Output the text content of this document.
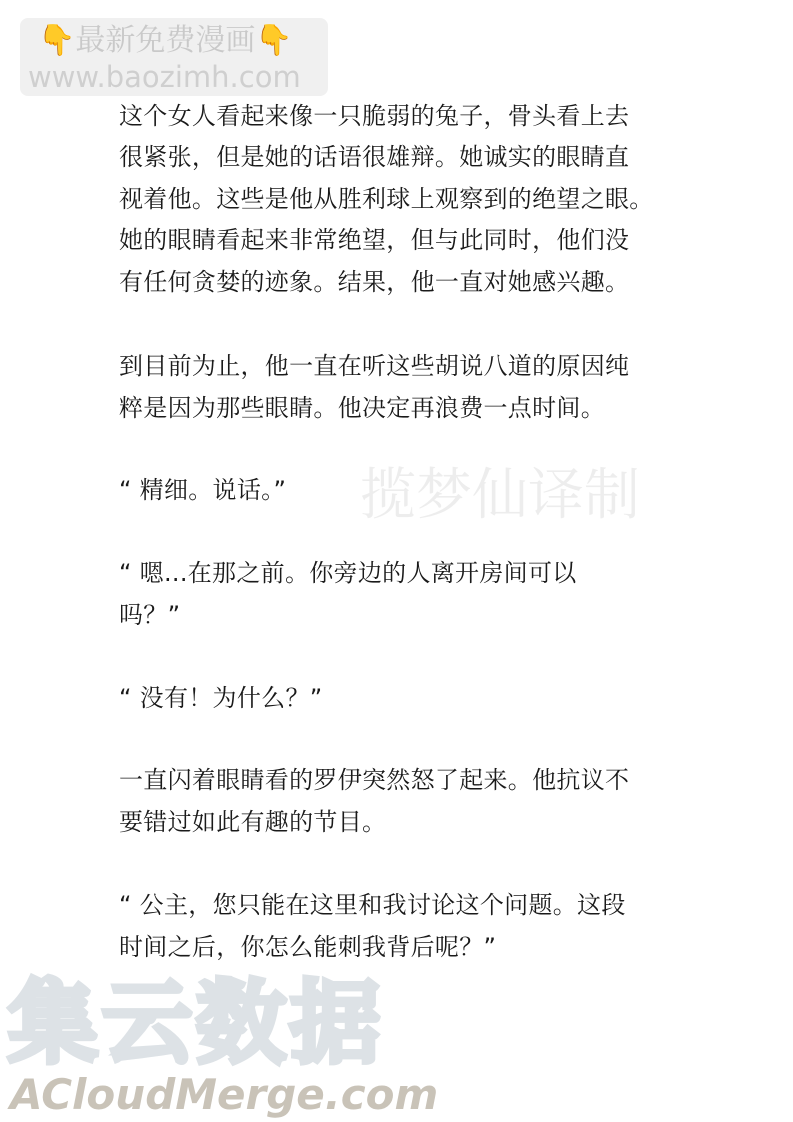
👇最新免费漫画👇
www.baozimh.com
揽梦仙译制
这个女人看起来像一只脆弱的兔子，骨头看上去
很紧张，但是她的话语很雄辩。她诚实的眼睛直
视着他。这些是他从胜利球上观察到的绝望之眼。
她的眼睛看起来非常绝望，但与此同时，他们没
有任何贪婪的迹象。结果，他一直对她感兴趣。
到目前为止，他一直在听这些胡说八道的原因纯
粹是因为那些眼睛。他决定再浪费一点时间。
“ 精细。说话。”
“ 嗯...在那之前。你旁边的人离开房间可以
吗？”
“ 没有！为什么？”
一直闪着眼睛看的罗伊突然怒了起来。他抗议不
要错过如此有趣的节目。
“ 公主，您只能在这里和我讨论这个问题。这段
时间之后，你怎么能刺我背后呢？”
集云数据
ACloudMerge.com
